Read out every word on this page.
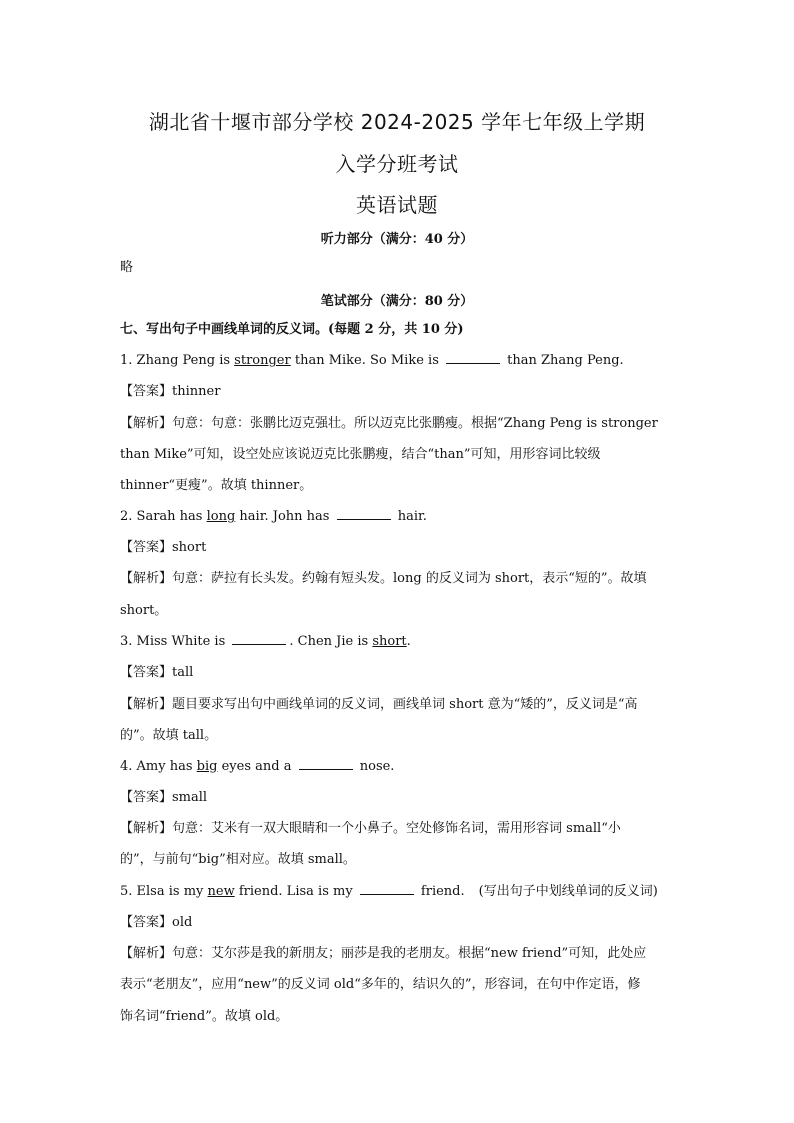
湖北省十堰市部分学校 2024-2025 学年七年级上学期
入学分班考试
英语试题
听力部分（满分：40 分）
略
笔试部分（满分：80 分）
七、写出句子中画线单词的反义词。(每题 2 分，共 10 分)
1. Zhang Peng is stronger than Mike. So Mike is	than Zhang Peng.
【答案】thinner
【解析】句意：句意：张鹏比迈克强壮。所以迈克比张鹏瘦。根据“Zhang Peng is stronger
than Mike”可知，设空处应该说迈克比张鹏瘦，结合“than”可知，用形容词比较级
thinner“更瘦”。故填 thinner。
2. Sarah has long hair. John has	hair.
【答案】short
【解析】句意：萨拉有长头发。约翰有短头发。long 的反义词为 short，表示“短的”。故填
short。
3. Miss White is	. Chen Jie is short.
【答案】tall
【解析】题目要求写出句中画线单词的反义词，画线单词 short 意为“矮的”，反义词是“高
的”。故填 tall。
4. Amy has big eyes and a	nose.
【答案】small
【解析】句意：艾米有一双大眼睛和一个小鼻子。空处修饰名词，需用形容词 small“小
的”，与前句“big”相对应。故填 small。
5. Elsa is my new friend. Lisa is my	friend. (写出句子中划线单词的反义词)
【答案】old
【解析】句意：艾尔莎是我的新朋友；丽莎是我的老朋友。根据“new friend”可知，此处应
表示“老朋友”，应用“new”的反义词 old“多年的，结识久的”，形容词，在句中作定语，修
饰名词“friend”。故填 old。
